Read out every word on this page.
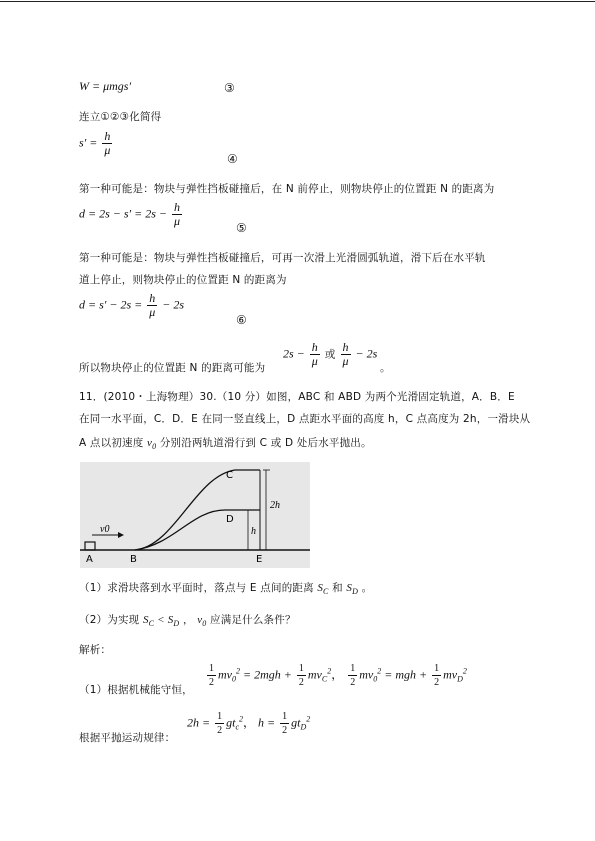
W = μmgs′	③
连立①②③化简得
$s' = \frac{h}{\mu}$
④
第一种可能是：物块与弹性挡板碰撞后，在 N 前停止，则物块停止的位置距 N 的距离为
$d = 2s - s' = 2s - \frac{h}{\mu}$	⑤
第一种可能是：物块与弹性挡板碰撞后，可再一次滑上光滑圆弧轨道，滑下后在水平轨
道上停止，则物块停止的位置距 N 的距离为
$d = s' - 2s = \frac{h}{\mu} - 2s$
⑥
$2s - \frac{h}{\mu}$ 或 $\frac{h}{\mu} - 2s$
所以物块停止的位置距 N 的距离可能为	。
11．(2010・上海物理）30.（10 分）如图，ABC 和 ABD 为两个光滑固定轨道，A．B．E
在同一水平面，C．D．E 在同一竖直线上，D 点距水平面的高度 h，C 点高度为 2h，一滑块从
A 点以初速度 $v_0$ 分别沿两轨道滑行到 C 或 D 处后水平抛出。
A	B
C
D
E
2h
h
v0
（1）求滑块落到水平面时，落点与 E 点间的距离 $S_C$ 和 $S_D$ 。
（2）为实现 $S_C < S_D$ ， $v_0$ 应满足什么条件？
解析：
（1）根据机械能守恒，
$\frac{1}{2} mv_0^2 = 2mgh + \frac{1}{2} mv_C^2$， $\frac{1}{2} mv_0^2$ = mgh + $\frac{1}{2} mv_D^2$
根据平抛运动规律：
$2h = \frac{1}{2} gt_c^2$， $h = \frac{1}{2} gt_D^2$
